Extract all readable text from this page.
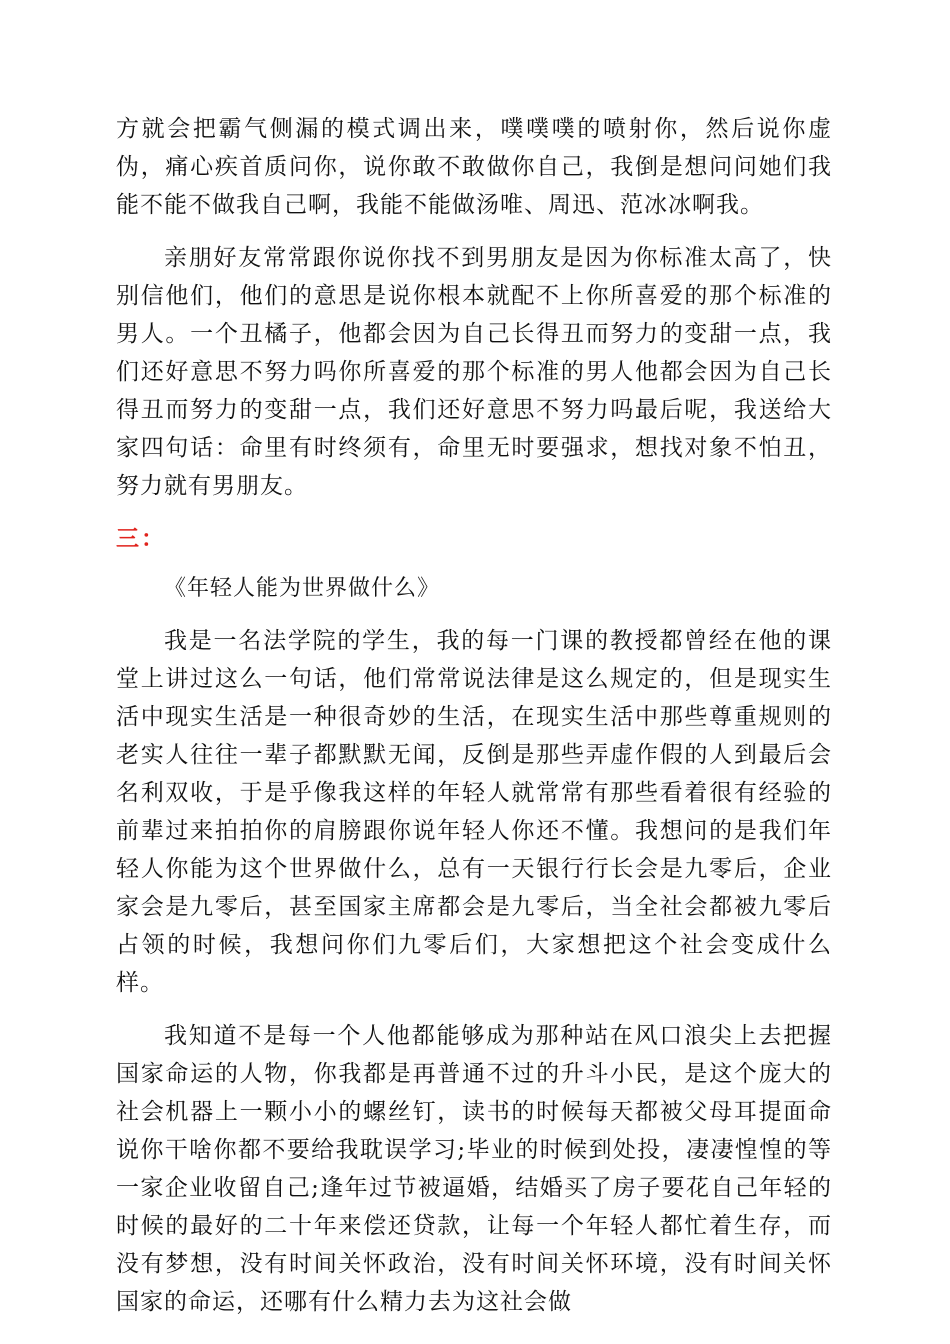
方就会把霸气侧漏的模式调出来，噗噗噗的喷射你，然后说你虚伪，痛心疾首质问你，说你敢不敢做你自己，我倒是想问问她们我能不能不做我自己啊，我能不能做汤唯、周迅、范冰冰啊我。

亲朋好友常常跟你说你找不到男朋友是因为你标准太高了，快别信他们，他们的意思是说你根本就配不上你所喜爱的那个标准的男人。一个丑橘子，他都会因为自己长得丑而努力的变甜一点，我们还好意思不努力吗你所喜爱的那个标准的男人他都会因为自己长得丑而努力的变甜一点，我们还好意思不努力吗最后呢，我送给大家四句话：命里有时终须有，命里无时要强求，想找对象不怕丑，努力就有男朋友。

三：

《年轻人能为世界做什么》

我是一名法学院的学生，我的每一门课的教授都曾经在他的课堂上讲过这么一句话，他们常常说法律是这么规定的，但是现实生活中现实生活是一种很奇妙的生活，在现实生活中那些尊重规则的老实人往往一辈子都默默无闻，反倒是那些弄虚作假的人到最后会名利双收，于是乎像我这样的年轻人就常常有那些看着很有经验的前辈过来拍拍你的肩膀跟你说年轻人你还不懂。我想问的是我们年轻人你能为这个世界做什么，总有一天银行行长会是九零后，企业家会是九零后，甚至国家主席都会是九零后，当全社会都被九零后占领的时候，我想问你们九零后们，大家想把这个社会变成什么样。

我知道不是每一个人他都能够成为那种站在风口浪尖上去把握国家命运的人物，你我都是再普通不过的升斗小民，是这个庞大的社会机器上一颗小小的螺丝钉，读书的时候每天都被父母耳提面命说你干啥你都不要给我耽误学习;毕业的时候到处投，凄凄惶惶的等一家企业收留自己;逢年过节被逼婚，结婚买了房子要花自己年轻的时候的最好的二十年来偿还贷款，让每一个年轻人都忙着生存，而没有梦想，没有时间关怀政治，没有时间关怀环境，没有时间关怀国家的命运，还哪有什么精力去为这社会做
